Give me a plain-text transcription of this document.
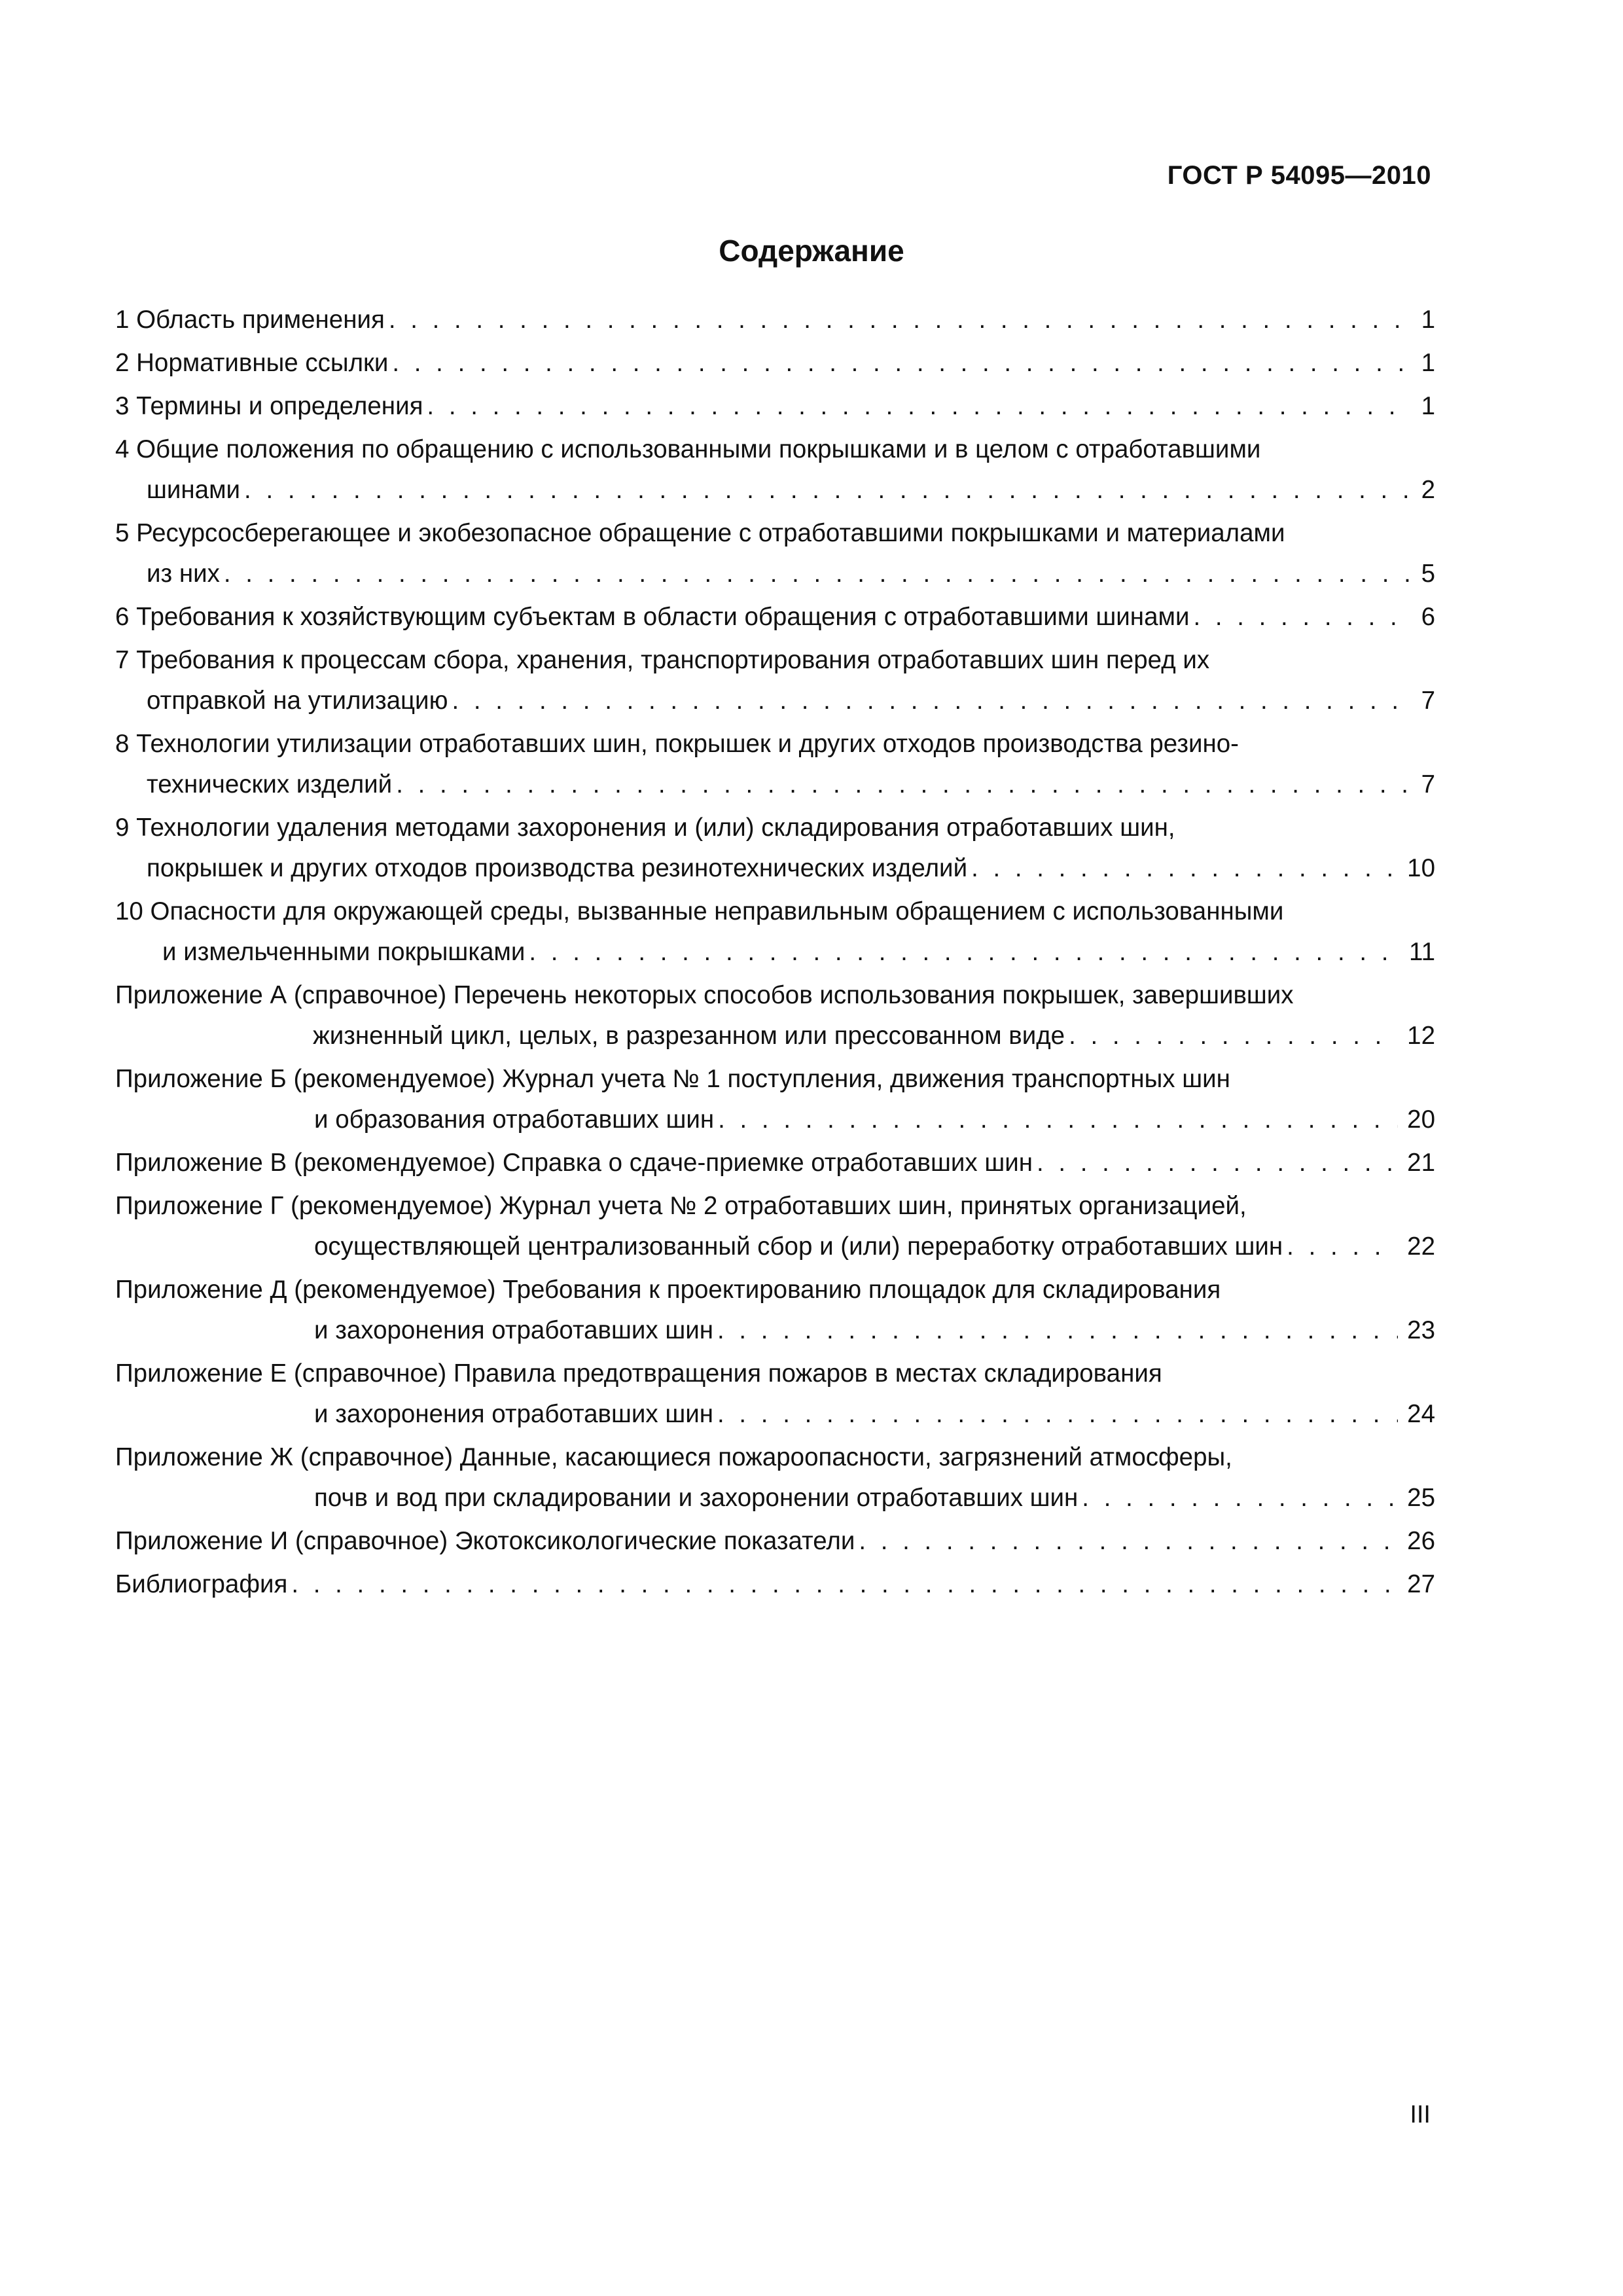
ГОСТ Р 54095—2010
Содержание
1 Область применения . . .	1
2 Нормативные ссылки . . .	1
3 Термины и определения . . .	1
4 Общие положения по обращению с использованными покрышками и в целом с отработавшими
шинами . . .	2
5 Ресурсосберегающее и экобезопасное обращение с отработавшими покрышками и материалами
из них . . .	5
6 Требования к хозяйствующим субъектам в области обращения с отработавшими шинами . . .	6
7 Требования к процессам сбора, хранения, транспортирования отработавших шин перед их
отправкой на утилизацию . . .	7
8 Технологии утилизации отработавших шин, покрышек и других отходов производства резино-
технических изделий . . .	7
9 Технологии удаления методами захоронения и (или) складирования отработавших шин,
покрышек и других отходов производства резинотехнических изделий . . .	10
10 Опасности для окружающей среды, вызванные неправильным обращением с использованными
и измельченными покрышками . . .	11
Приложение А (справочное) Перечень некоторых способов использования покрышек, завершивших
жизненный цикл, целых, в разрезанном или прессованном виде . . .	12
Приложение Б (рекомендуемое) Журнал учета № 1 поступления, движения транспортных шин
и образования отработавших шин . . .	20
Приложение В (рекомендуемое) Справка о сдаче-приемке отработавших шин . . .	21
Приложение Г (рекомендуемое) Журнал учета № 2 отработавших шин, принятых организацией,
осуществляющей централизованный сбор и (или) переработку отработавших шин . . .	22
Приложение Д (рекомендуемое) Требования к проектированию площадок для складирования
и захоронения отработавших шин . . .	23
Приложение Е (справочное) Правила предотвращения пожаров в местах складирования
и захоронения отработавших шин . . .	24
Приложение Ж (справочное) Данные, касающиеся пожароопасности, загрязнений атмосферы,
почв и вод при складировании и захоронении отработавших шин . . .	25
Приложение И (справочное) Экотоксикологические показатели . . .	26
Библиография . . .	27
III
